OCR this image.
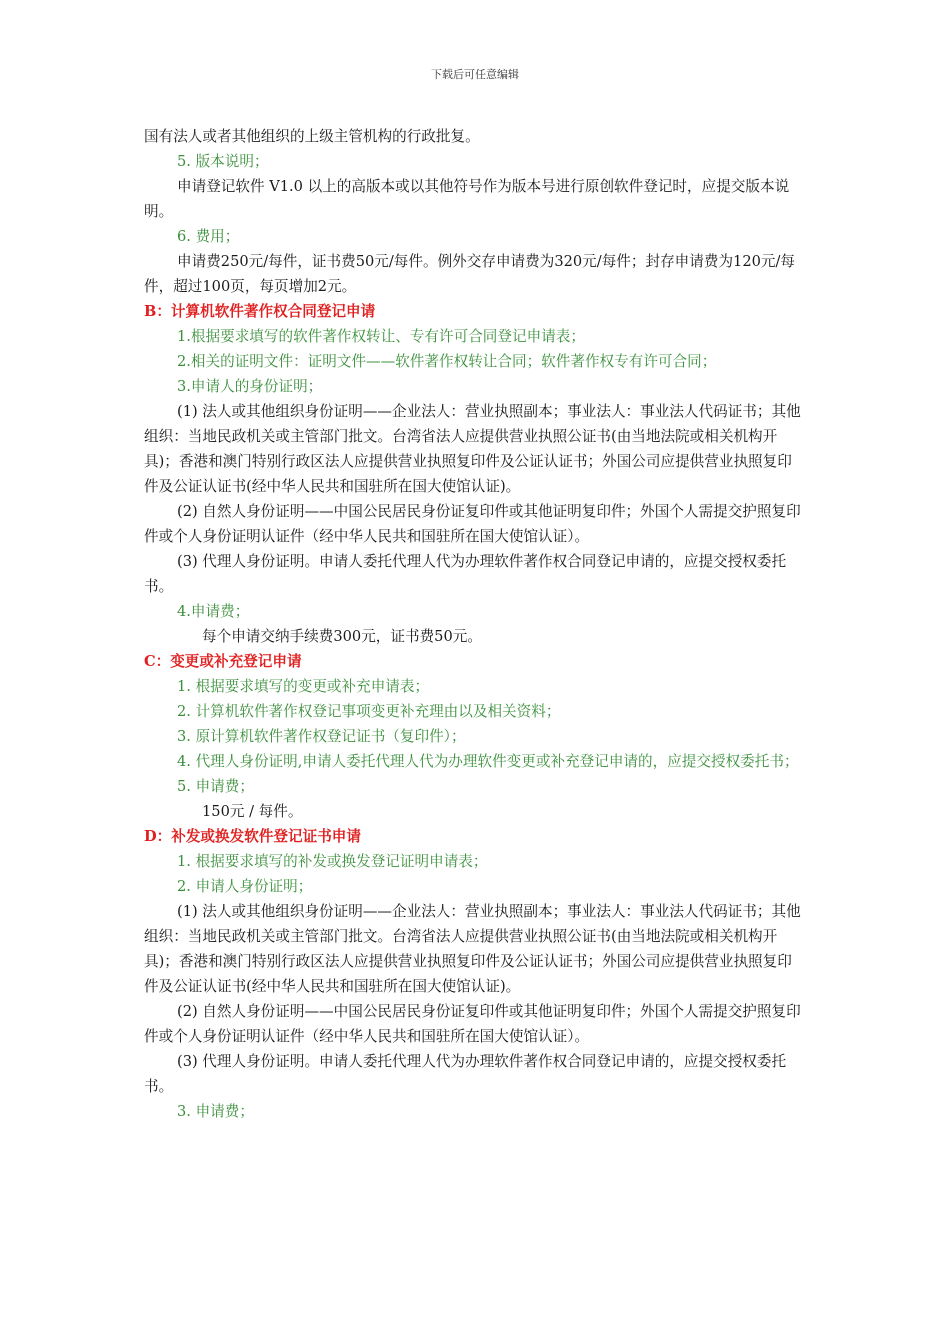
下载后可任意编辑

国有法人或者其他组织的上级主管机构的行政批复。

5. 版本说明；

申请登记软件 V1.0 以上的高版本或以其他符号作为版本号进行原创软件登记时，应提交版本说明。

6. 费用；

申请费250元/每件，证书费50元/每件。例外交存申请费为320元/每件；封存申请费为120元/每件，超过100页，每页增加2元。

B：计算机软件著作权合同登记申请

1.根据要求填写的软件著作权转让、专有许可合同登记申请表；

2.相关的证明文件：证明文件——软件著作权转让合同；软件著作权专有许可合同；

3.申请人的身份证明；

(1) 法人或其他组织身份证明——企业法人：营业执照副本；事业法人：事业法人代码证书；其他组织：当地民政机关或主管部门批文。台湾省法人应提供营业执照公证书(由当地法院或相关机构开具)；香港和澳门特别行政区法人应提供营业执照复印件及公证认证书；外国公司应提供营业执照复印件及公证认证书(经中华人民共和国驻所在国大使馆认证)。

(2) 自然人身份证明——中国公民居民身份证复印件或其他证明复印件；外国个人需提交护照复印件或个人身份证明认证件（经中华人民共和国驻所在国大使馆认证）。

(3) 代理人身份证明。申请人委托代理人代为办理软件著作权合同登记申请的，应提交授权委托书。

4.申请费；

每个申请交纳手续费300元，证书费50元。

C：变更或补充登记申请

1. 根据要求填写的变更或补充申请表；

2. 计算机软件著作权登记事项变更补充理由以及相关资料；

3. 原计算机软件著作权登记证书（复印件）；

4. 代理人身份证明,申请人委托代理人代为办理软件变更或补充登记申请的，应提交授权委托书；

5. 申请费；

150元 / 每件。

D：补发或换发软件登记证书申请

1. 根据要求填写的补发或换发登记证明申请表；

2. 申请人身份证明；

(1) 法人或其他组织身份证明——企业法人：营业执照副本；事业法人：事业法人代码证书；其他组织：当地民政机关或主管部门批文。台湾省法人应提供营业执照公证书(由当地法院或相关机构开具)；香港和澳门特别行政区法人应提供营业执照复印件及公证认证书；外国公司应提供营业执照复印件及公证认证书(经中华人民共和国驻所在国大使馆认证)。

(2) 自然人身份证明——中国公民居民身份证复印件或其他证明复印件；外国个人需提交护照复印件或个人身份证明认证件（经中华人民共和国驻所在国大使馆认证）。

(3) 代理人身份证明。申请人委托代理人代为办理软件著作权合同登记申请的，应提交授权委托书。

3. 申请费；
